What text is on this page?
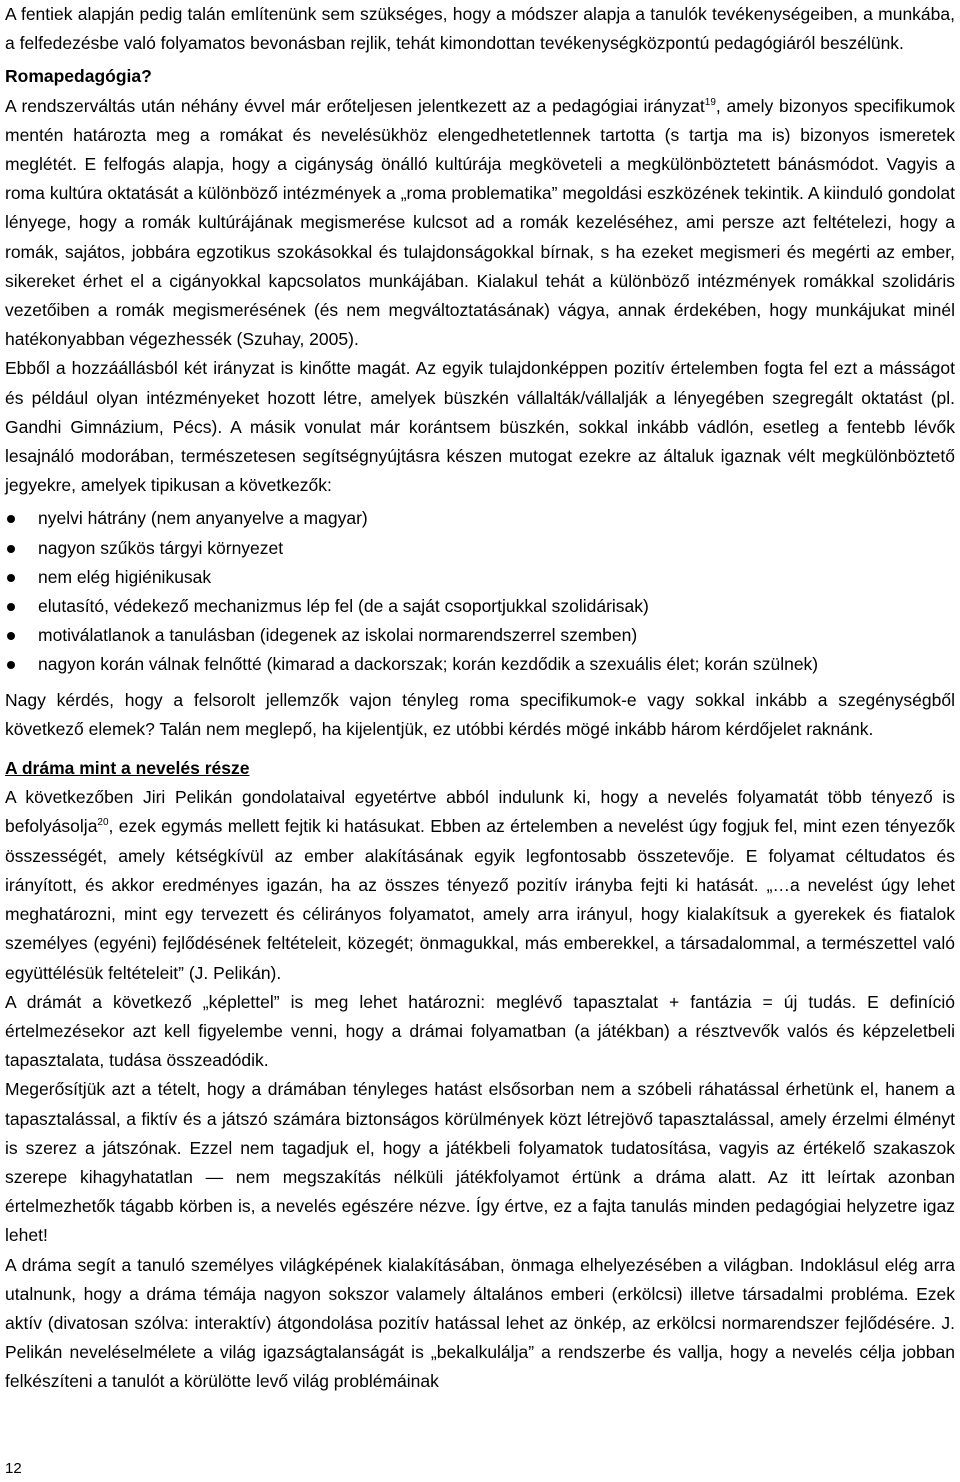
A fentiek alapján pedig talán említenünk sem szükséges, hogy a módszer alapja a tanulók tevékenységeiben, a munkába, a felfedezésbe való folyamatos bevonásban rejlik, tehát kimondottan tevékenységközpontú pedagógiáról beszélünk.

Romapedagógia?

A rendszerváltás után néhány évvel már erőteljesen jelentkezett az a pedagógiai irányzat$^{19}$, amely bizonyos specifikumok mentén határozta meg a romákat és nevelésükhöz elengedhetetlennek tartotta (s tartja ma is) bizonyos ismeretek meglétét. E felfogás alapja, hogy a cigányság önálló kultúrája megköveteli a megkülönböztetett bánásmódot. Vagyis a roma kultúra oktatását a különböző intézmények a „roma problematika” megoldási eszközének tekintik. A kiinduló gondolat lényege, hogy a romák kultúrájának megismerése kulcsot ad a romák kezeléséhez, ami persze azt feltételezi, hogy a romák, sajátos, jobbára egzotikus szokásokkal és tulajdonságokkal bírnak, s ha ezeket megismeri és megérti az ember, sikereket érhet el a cigányokkal kapcsolatos munkájában. Kialakul tehát a különböző intézmények romákkal szolidáris vezetőiben a romák megismerésének (és nem megváltoztatásának) vágya, annak érdekében, hogy munkájukat minél hatékonyabban végezhessék (Szuhay, 2005).

Ebből a hozzáállásból két irányzat is kinőtte magát. Az egyik tulajdonképpen pozitív értelemben fogta fel ezt a másságot és például olyan intézményeket hozott létre, amelyek büszkén vállalták/vállalják a lényegében szegregált oktatást (pl. Gandhi Gimnázium, Pécs). A másik vonulat már korántsem büszkén, sokkal inkább vádlón, esetleg a fentebb lévők lesajnáló modorában, természetesen segítségnyújtásra készen mutogat ezekre az általuk igaznak vélt megkülönböztető jegyekre, amelyek tipikusan a következők:

nyelvi hátrány (nem anyanyelve a magyar)
nagyon szűkös tárgyi környezet
nem elég higiénikusak
elutasító, védekező mechanizmus lép fel (de a saját csoportjukkal szolidárisak)
motiválatlanok a tanulásban (idegenek az iskolai normarendszerrel szemben)
nagyon korán válnak felnőtté (kimarad a dackorszak; korán kezdődik a szexuális élet; korán szülnek)

Nagy kérdés, hogy a felsorolt jellemzők vajon tényleg roma specifikumok-e vagy sokkal inkább a szegénységből következő elemek? Talán nem meglepő, ha kijelentjük, ez utóbbi kérdés mögé inkább három kérdőjelet raknánk.

A dráma mint a nevelés része

A következőben Jiri Pelikán gondolataival egyetértve abból indulunk ki, hogy a nevelés folyamatát több tényező is befolyásolja$^{20}$, ezek egymás mellett fejtik ki hatásukat. Ebben az értelemben a nevelést úgy fogjuk fel, mint ezen tényezők összességét, amely kétségkívül az ember alakításának egyik legfontosabb összetevője. E folyamat céltudatos és irányított, és akkor eredményes igazán, ha az összes tényező pozitív irányba fejti ki hatását. „…a nevelést úgy lehet meghatározni, mint egy tervezett és célirányos folyamatot, amely arra irányul, hogy kialakítsuk a gyerekek és fiatalok személyes (egyéni) fejlődésének feltételeit, közegét; önmagukkal, más emberekkel, a társadalommal, a természettel való együttélésük feltételeit” (J. Pelikán).

A drámát a következő „képlettel” is meg lehet határozni: meglévő tapasztalat + fantázia = új tudás. E definíció értelmezésekor azt kell figyelembe venni, hogy a drámai folyamatban (a játékban) a résztvevők valós és képzeletbeli tapasztalata, tudása összeadódik.

Megerősítjük azt a tételt, hogy a drámában tényleges hatást elsősorban nem a szóbeli ráhatással érhetünk el, hanem a tapasztalással, a fiktív és a játszó számára biztonságos körülmények közt létrejövő tapasztalással, amely érzelmi élményt is szerez a játszónak. Ezzel nem tagadjuk el, hogy a játékbeli folyamatok tudatosítása, vagyis az értékelő szakaszok szerepe kihagyhatatlan — nem megszakítás nélküli játékfolyamot értünk a dráma alatt. Az itt leírtak azonban értelmezhetők tágabb körben is, a nevelés egészére nézve. Így értve, ez a fajta tanulás minden pedagógiai helyzetre igaz lehet!

A dráma segít a tanuló személyes világképének kialakításában, önmaga elhelyezésében a világban. Indoklásul elég arra utalnunk, hogy a dráma témája nagyon sokszor valamely általános emberi (erkölcsi) illetve társadalmi probléma. Ezek aktív (divatosan szólva: interaktív) átgondolása pozitív hatással lehet az önkép, az erkölcsi normarendszer fejlődésére. J. Pelikán neveléselmélete a világ igazságtalanságát is „bekalkulálja” a rendszerbe és vallja, hogy a nevelés célja jobban felkészíteni a tanulót a körülötte levő világ problémáinak

12
